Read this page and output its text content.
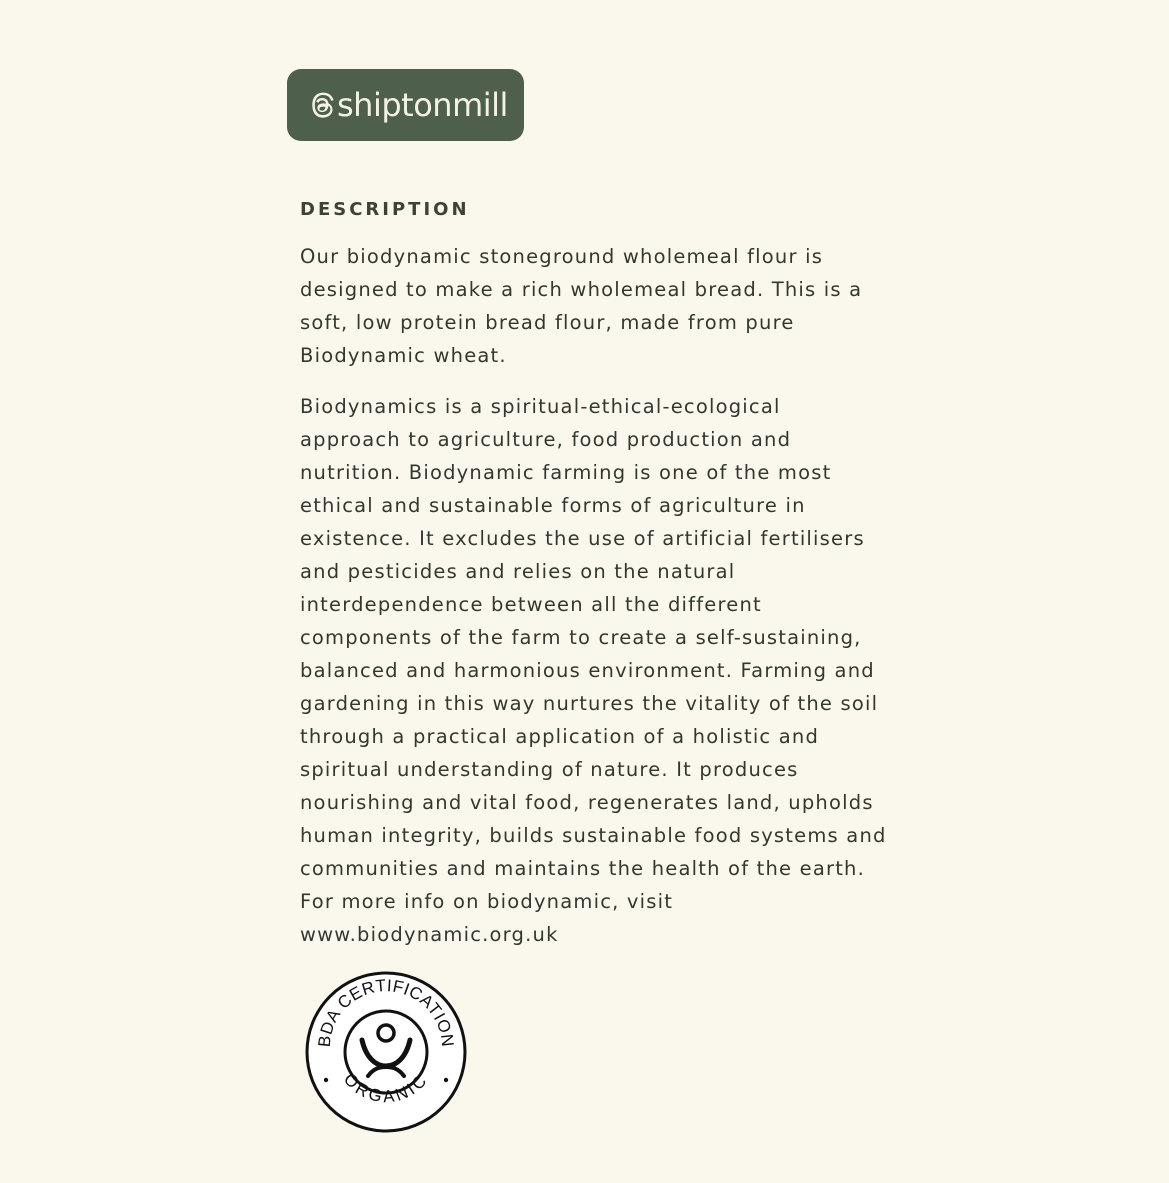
shiptonmill
DESCRIPTION

Our biodynamic stoneground wholemeal flour is
designed to make a rich wholemeal bread. This is a
soft, low protein bread flour, made from pure
Biodynamic wheat.

Biodynamics is a spiritual-ethical-ecological
approach to agriculture, food production and
nutrition. Biodynamic farming is one of the most
ethical and sustainable forms of agriculture in
existence. It excludes the use of artificial fertilisers
and pesticides and relies on the natural
interdependence between all the different
components of the farm to create a self-sustaining,
balanced and harmonious environment. Farming and
gardening in this way nurtures the vitality of the soil
through a practical application of a holistic and
spiritual understanding of nature. It produces
nourishing and vital food, regenerates land, upholds
human integrity, builds sustainable food systems and
communities and maintains the health of the earth.
For more info on biodynamic, visit
www.biodynamic.org.uk

BDA CERTIFICATION
ORGANIC
